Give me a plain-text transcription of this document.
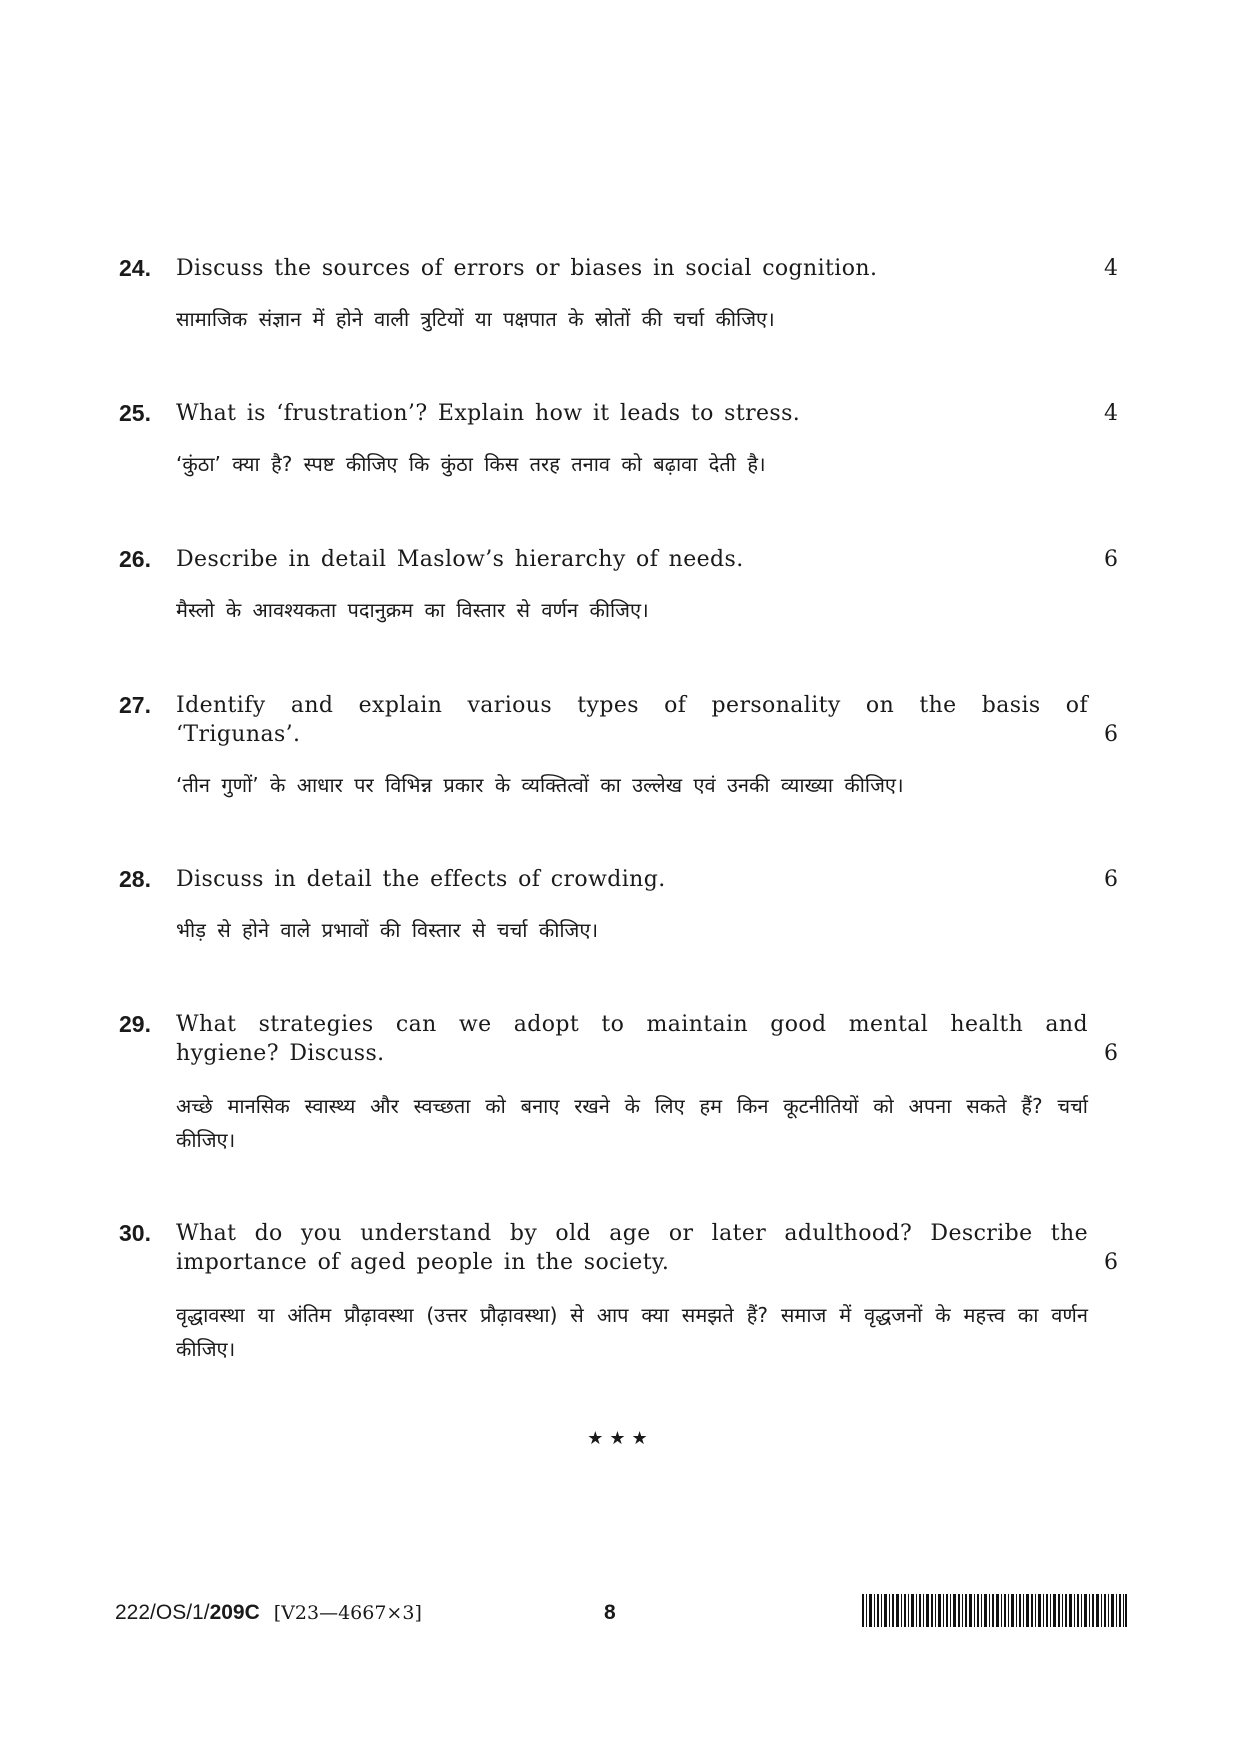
24. Discuss the sources of errors or biases in social cognition.	4
सामाजिक संज्ञान में होने वाली त्रुटियों या पक्षपात के स्रोतों की चर्चा कीजिए।
25. What is ‘frustration’? Explain how it leads to stress.	4
‘कुंठा’ क्या है? स्पष्ट कीजिए कि कुंठा किस तरह तनाव को बढ़ावा देती है।
26. Describe in detail Maslow’s hierarchy of needs.	6
मैस्लो के आवश्यकता पदानुक्रम का विस्तार से वर्णन कीजिए।
27. Identify and explain various types of personality on the basis of
‘Trigunas’.	6
‘तीन गुणों’ के आधार पर विभिन्न प्रकार के व्यक्तित्वों का उल्लेख एवं उनकी व्याख्या कीजिए।
28. Discuss in detail the effects of crowding.	6
भीड़ से होने वाले प्रभावों की विस्तार से चर्चा कीजिए।
29. What strategies can we adopt to maintain good mental health and
hygiene? Discuss.	6
अच्छे मानसिक स्वास्थ्य और स्वच्छता को बनाए रखने के लिए हम किन कूटनीतियों को अपना सकते हैं? चर्चा कीजिए।
30. What do you understand by old age or later adulthood? Describe the
importance of aged people in the society.	6
वृद्धावस्था या अंतिम प्रौढ़ावस्था (उत्तर प्रौढ़ावस्था) से आप क्या समझते हैं? समाज में वृद्धजनों के महत्त्व का वर्णन कीजिए।
★★★
222/OS/1/209C [V23—4667×3]	8
